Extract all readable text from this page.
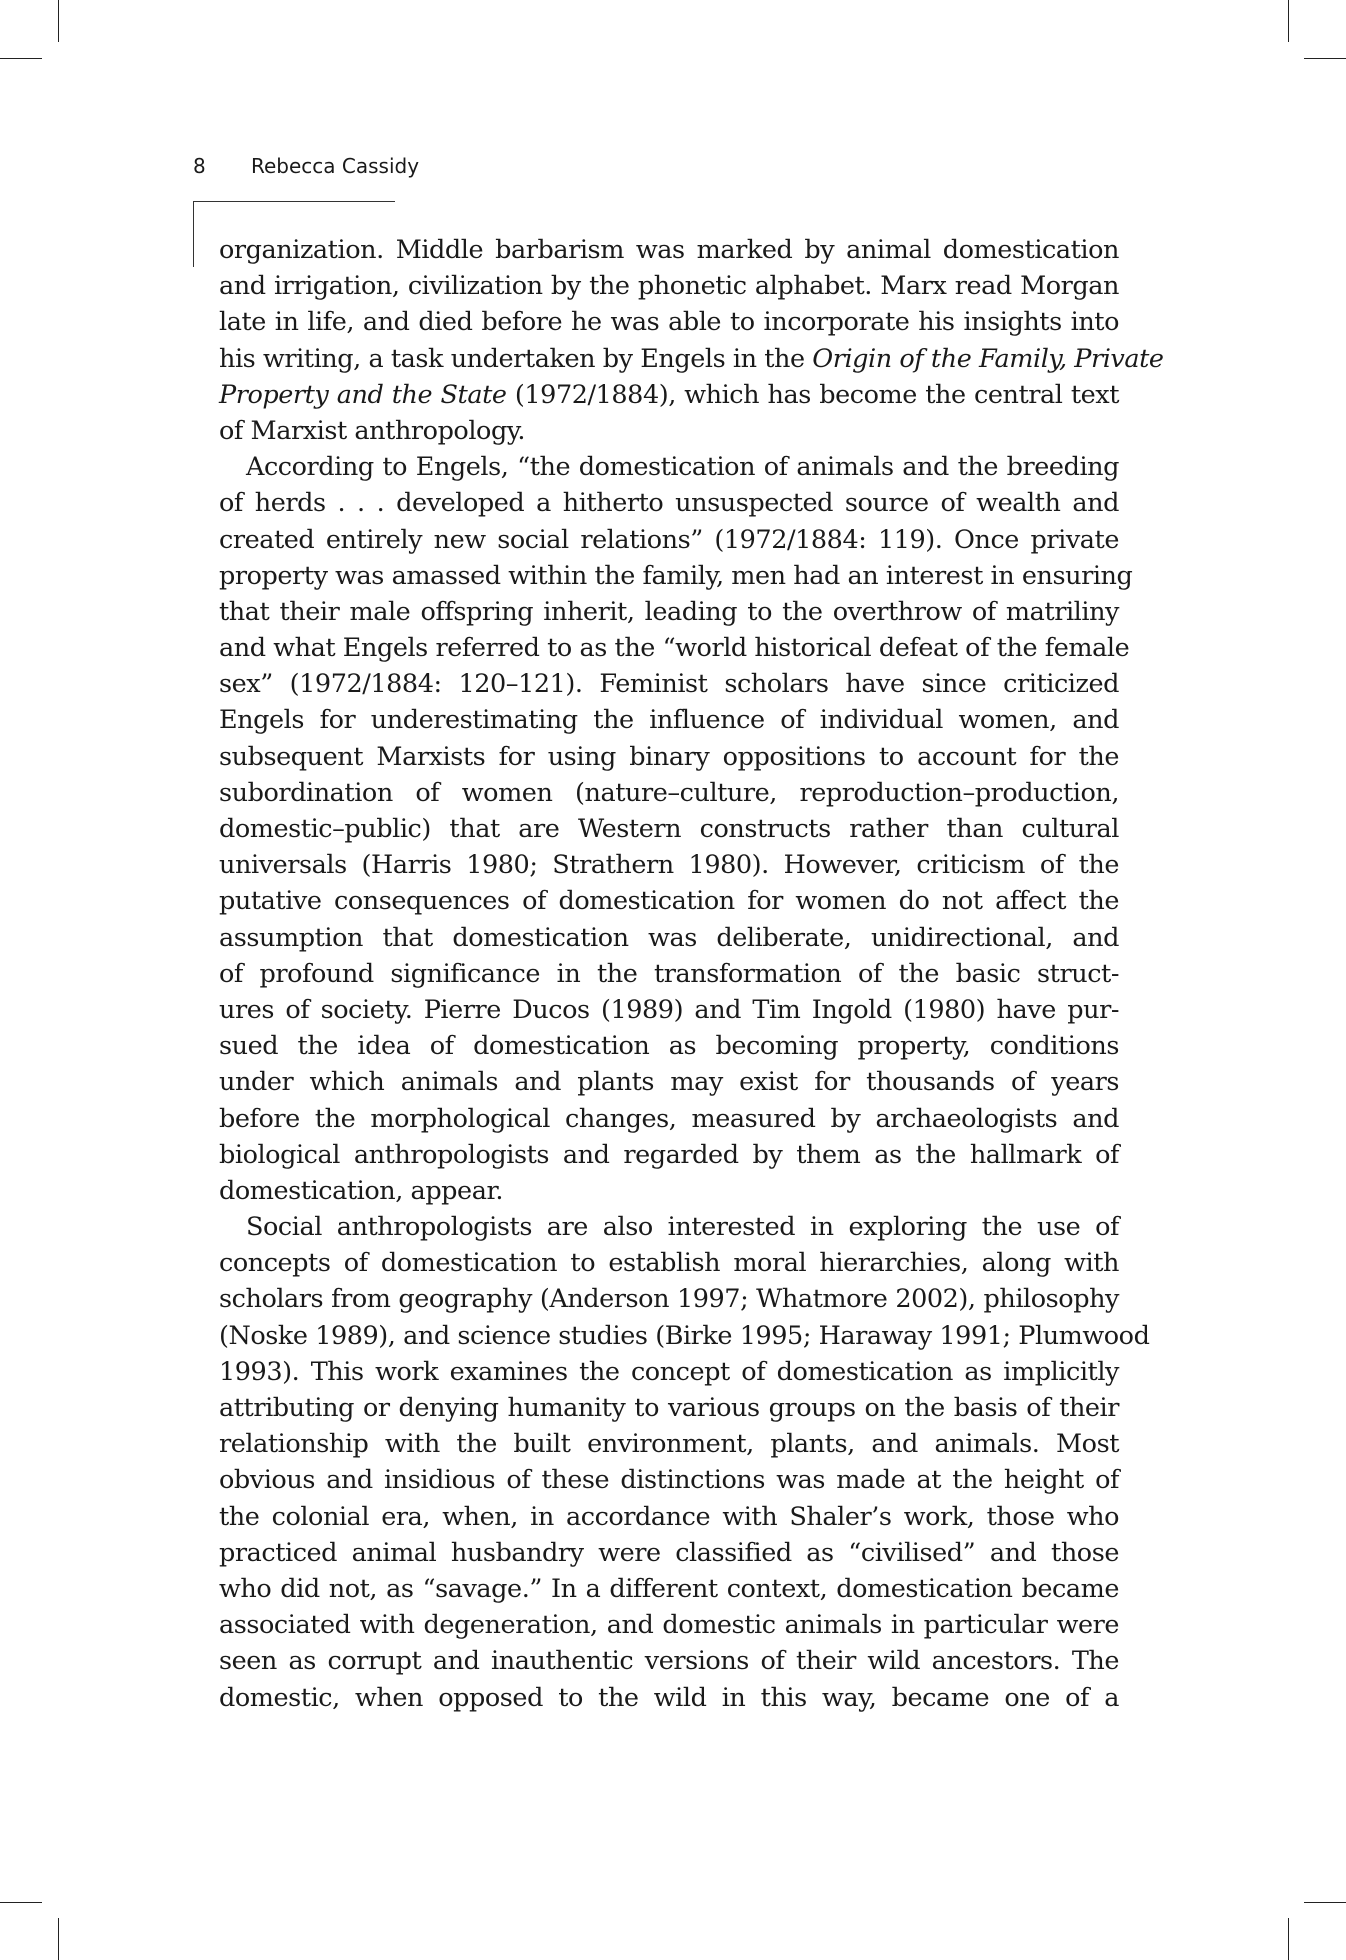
8 Rebecca Cassidy
organization. Middle barbarism was marked by animal domestication
and irrigation, civilization by the phonetic alphabet. Marx read Morgan
late in life, and died before he was able to incorporate his insights into
his writing, a task undertaken by Engels in the Origin of the Family, Private
Property and the State (1972/1884), which has become the central text
of Marxist anthropology.
According to Engels, “the domestication of animals and the breeding
of herds . . . developed a hitherto unsuspected source of wealth and
created entirely new social relations” (1972/1884: 119). Once private
property was amassed within the family, men had an interest in ensuring
that their male offspring inherit, leading to the overthrow of matriliny
and what Engels referred to as the “world historical defeat of the female
sex” (1972/1884: 120–121). Feminist scholars have since criticized
Engels for underestimating the influence of individual women, and
subsequent Marxists for using binary oppositions to account for the
subordination of women (nature–culture, reproduction–production,
domestic–public) that are Western constructs rather than cultural
universals (Harris 1980; Strathern 1980). However, criticism of the
putative consequences of domestication for women do not affect the
assumption that domestication was deliberate, unidirectional, and
of profound significance in the transformation of the basic struct-
ures of society. Pierre Ducos (1989) and Tim Ingold (1980) have pur-
sued the idea of domestication as becoming property, conditions
under which animals and plants may exist for thousands of years
before the morphological changes, measured by archaeologists and
biological anthropologists and regarded by them as the hallmark of
domestication, appear.
Social anthropologists are also interested in exploring the use of
concepts of domestication to establish moral hierarchies, along with
scholars from geography (Anderson 1997; Whatmore 2002), philosophy
(Noske 1989), and science studies (Birke 1995; Haraway 1991; Plumwood
1993). This work examines the concept of domestication as implicitly
attributing or denying humanity to various groups on the basis of their
relationship with the built environment, plants, and animals. Most
obvious and insidious of these distinctions was made at the height of
the colonial era, when, in accordance with Shaler’s work, those who
practiced animal husbandry were classified as “civilised” and those
who did not, as “savage.” In a different context, domestication became
associated with degeneration, and domestic animals in particular were
seen as corrupt and inauthentic versions of their wild ancestors. The
domestic, when opposed to the wild in this way, became one of a
